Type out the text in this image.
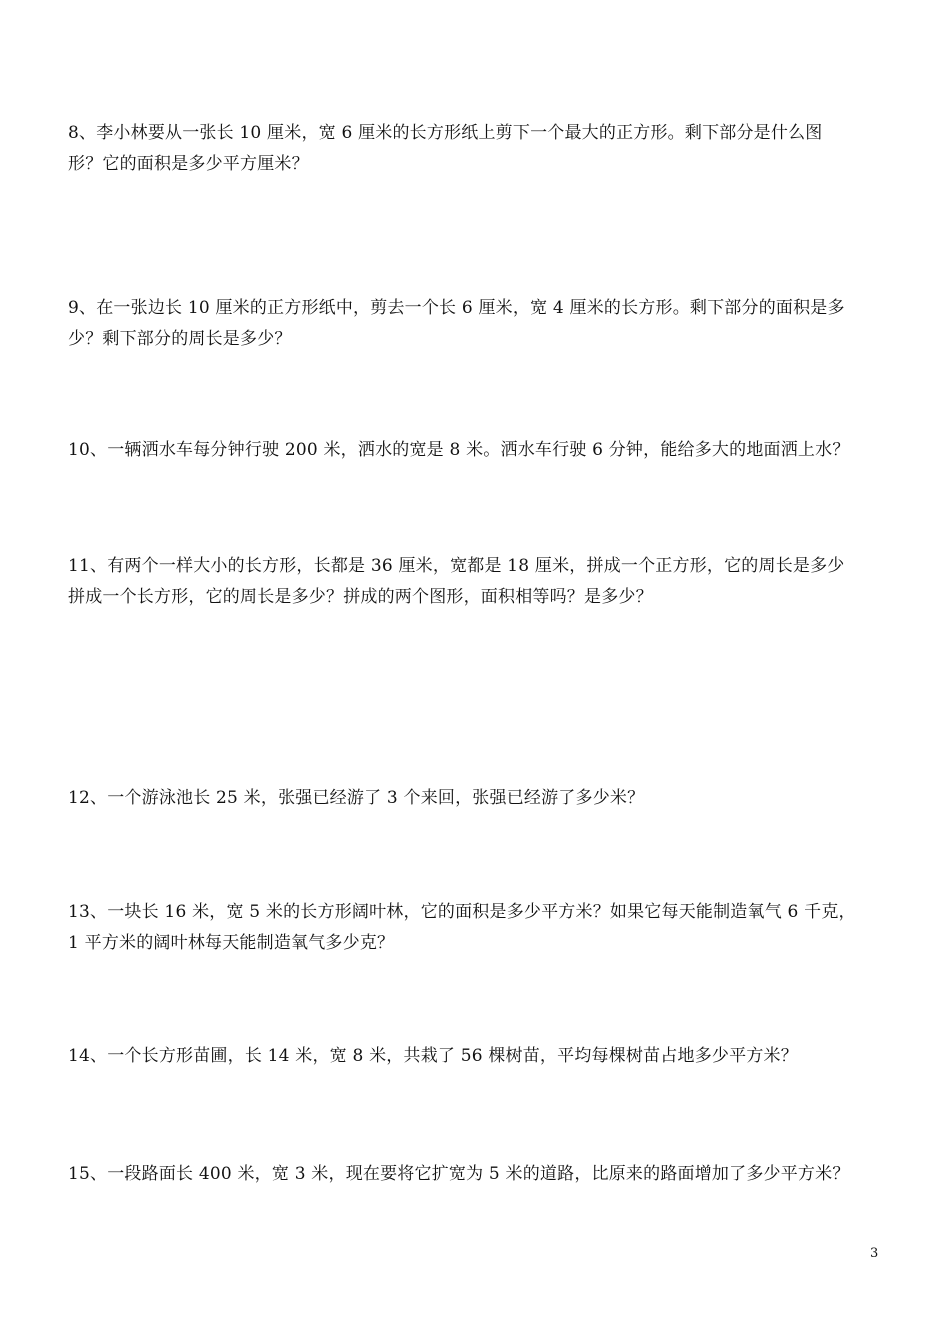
8、李小林要从一张长 10 厘米，宽 6 厘米的长方形纸上剪下一个最大的正方形。剩下部分是什么图
形？它的面积是多少平方厘米？
9、在一张边长 10 厘米的正方形纸中，剪去一个长 6 厘米，宽 4 厘米的长方形。剩下部分的面积是多
少？剩下部分的周长是多少？
10、一辆洒水车每分钟行驶 200 米，洒水的宽是 8 米。洒水车行驶 6 分钟，能给多大的地面洒上水？
11、有两个一样大小的长方形，长都是 36 厘米，宽都是 18 厘米，拼成一个正方形，它的周长是多少
拼成一个长方形，它的周长是多少？拼成的两个图形，面积相等吗？是多少？
12、一个游泳池长 25 米，张强已经游了 3 个来回，张强已经游了多少米？
13、一块长 16 米，宽 5 米的长方形阔叶林，它的面积是多少平方米？如果它每天能制造氧气 6 千克，
1 平方米的阔叶林每天能制造氧气多少克？
14、一个长方形苗圃，长 14 米，宽 8 米，共栽了 56 棵树苗，平均每棵树苗占地多少平方米？
15、一段路面长 400 米，宽 3 米，现在要将它扩宽为 5 米的道路，比原来的路面增加了多少平方米？
3
